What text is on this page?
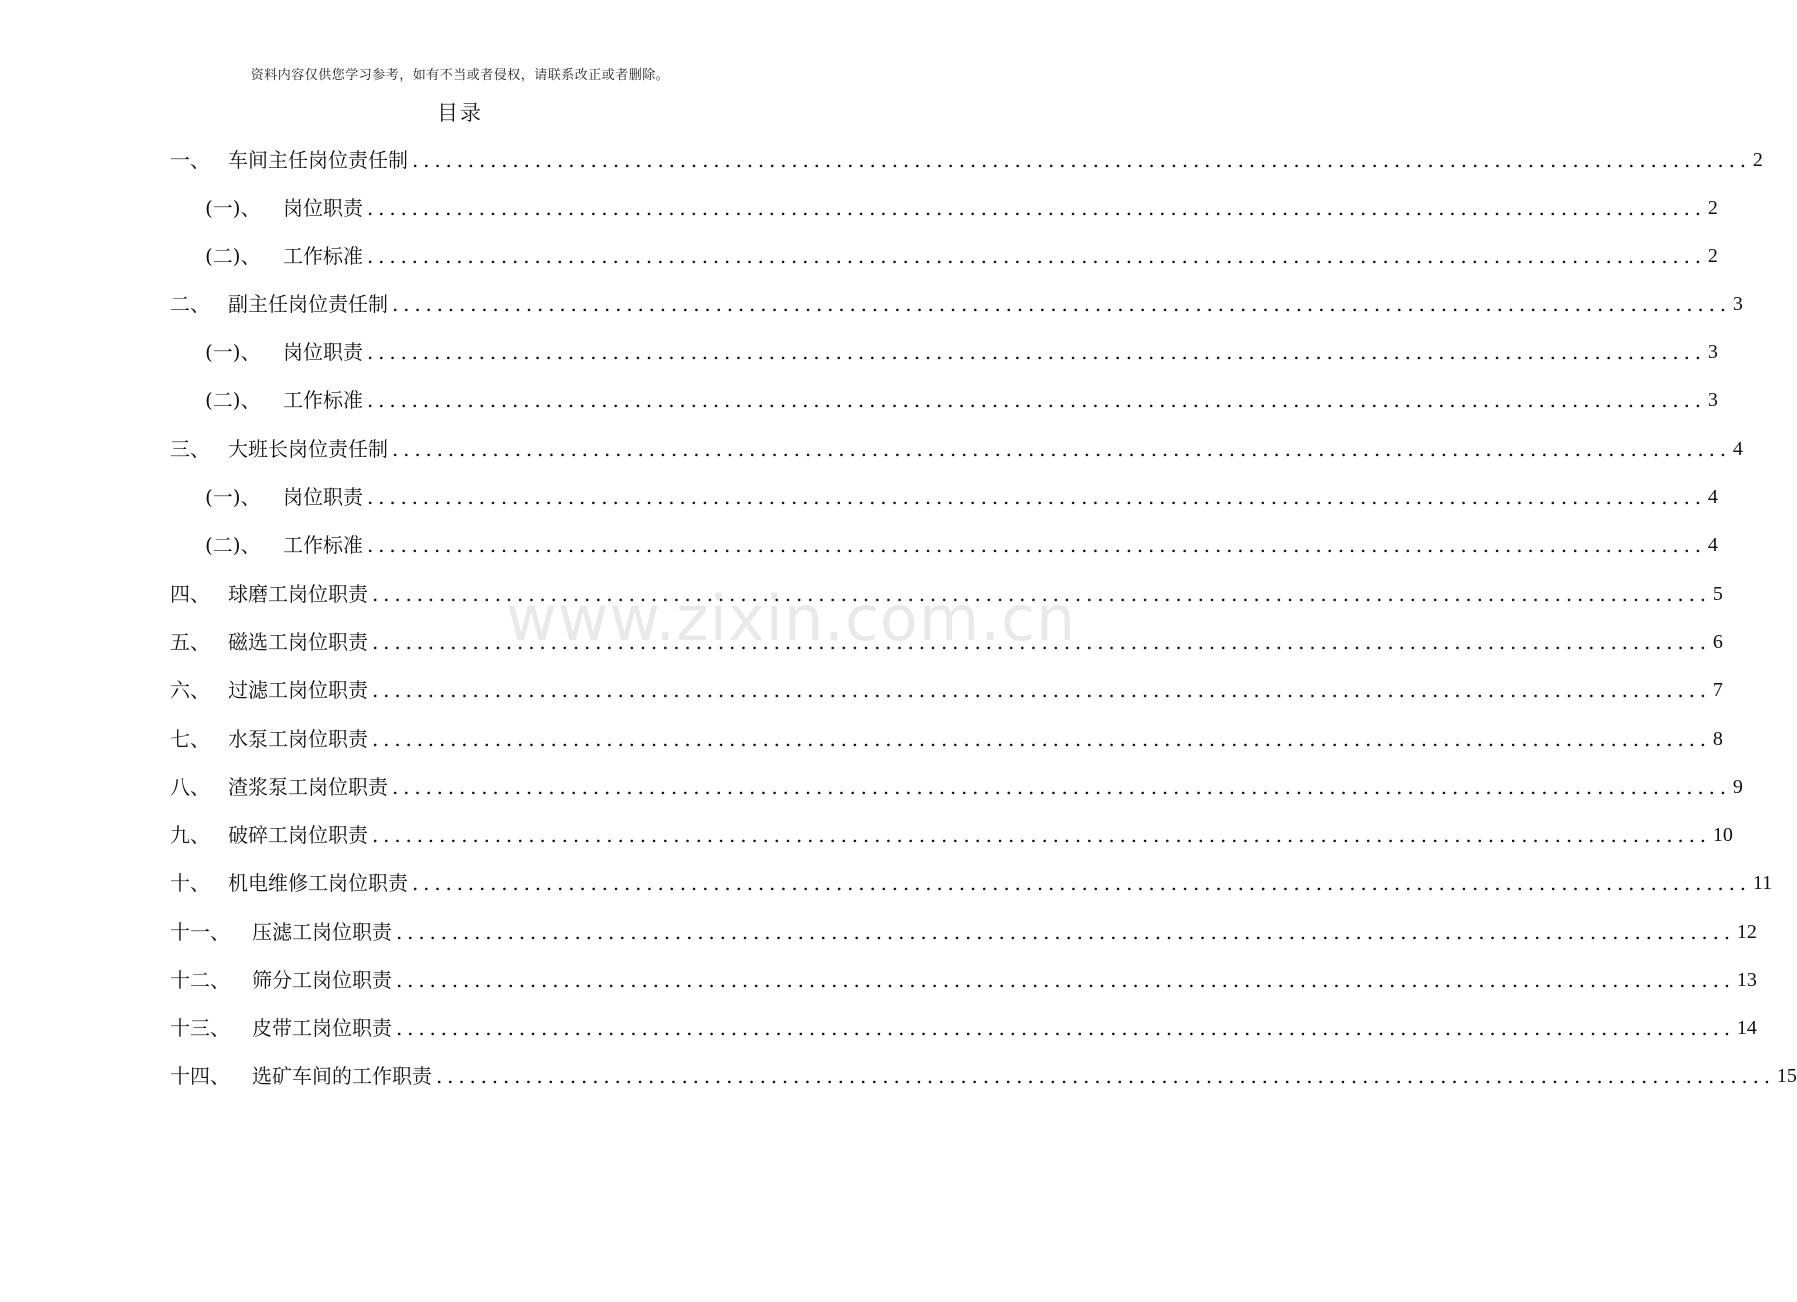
资料内容仅供您学习参考，如有不当或者侵权，请联系改正或者删除。
目录
www.zixin.com.cn
一、 车间主任岗位责任制 .....	2
(一)、	岗位职责 .....	2
(二)、	工作标准 .....	2
二、 副主任岗位责任制 .....	3
(一)、	岗位职责 .....	3
(二)、	工作标准 .....	3
三、 大班长岗位责任制 .....	4
(一)、	岗位职责 .....	4
(二)、	工作标准 .....	4
四、 球磨工岗位职责 .....	5
五、 磁选工岗位职责 .....	6
六、 过滤工岗位职责 .....	7
七、 水泵工岗位职责 .....	8
八、 渣浆泵工岗位职责 .....	9
九、 破碎工岗位职责 .....	10
十、 机电维修工岗位职责 .....	11
十一、	压滤工岗位职责 .....	12
十二、	筛分工岗位职责 .....	13
十三、	皮带工岗位职责 .....	14
十四、	选矿车间的工作职责 .....	15
